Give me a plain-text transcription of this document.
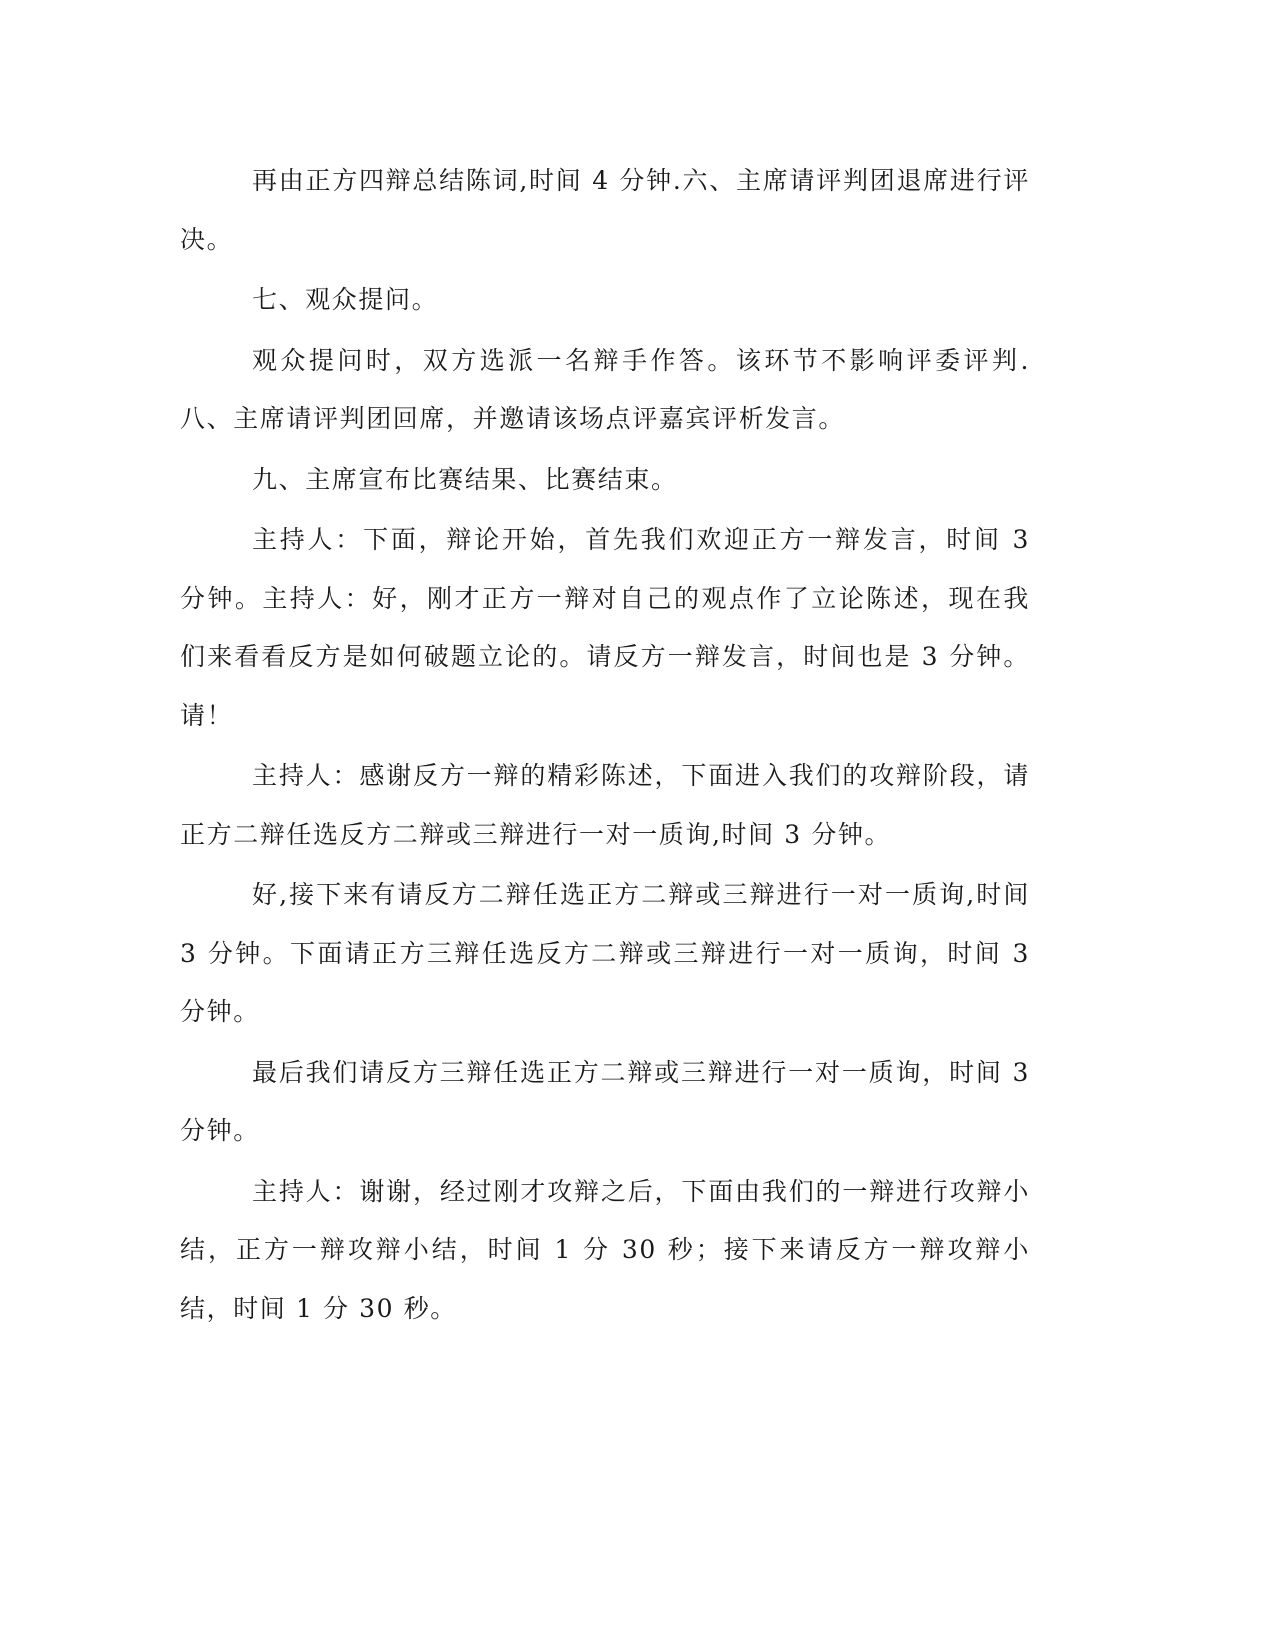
再由正方四辩总结陈词,时间 4 分钟.六、主席请评判团退席进行评决。

七、观众提问。

观众提问时，双方选派一名辩手作答。该环节不影响评委评判.八、主席请评判团回席，并邀请该场点评嘉宾评析发言。

九、主席宣布比赛结果、比赛结束。

主持人：下面，辩论开始，首先我们欢迎正方一辩发言，时间 3 分钟。主持人：好，刚才正方一辩对自己的观点作了立论陈述，现在我们来看看反方是如何破题立论的。请反方一辩发言，时间也是 3 分钟。请！

主持人：感谢反方一辩的精彩陈述，下面进入我们的攻辩阶段，请正方二辩任选反方二辩或三辩进行一对一质询,时间 3 分钟。

好,接下来有请反方二辩任选正方二辩或三辩进行一对一质询,时间 3 分钟。下面请正方三辩任选反方二辩或三辩进行一对一质询，时间 3 分钟。

最后我们请反方三辩任选正方二辩或三辩进行一对一质询，时间 3 分钟。

主持人：谢谢，经过刚才攻辩之后，下面由我们的一辩进行攻辩小结，正方一辩攻辩小结，时间 1 分 30 秒；接下来请反方一辩攻辩小结，时间 1 分 30 秒。
